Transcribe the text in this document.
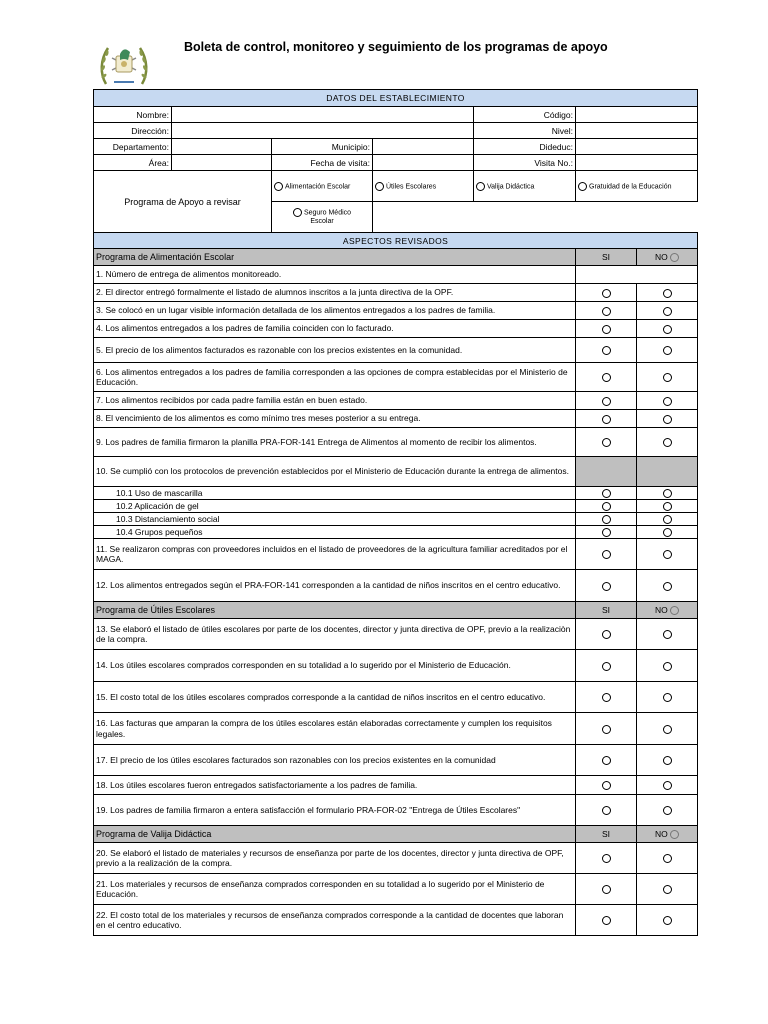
Boleta de control, monitoreo y seguimiento de los programas de apoyo
DATOS DEL ESTABLECIMIENTO						
Nombre:				Código:		
Dirección:				Nivel:		
Departamento:		Municipio:		Dideduc:		
Área:		Fecha de visita:		Visita No.:		
Programa de Apoyo a revisar		Alimentación Escolar	Útiles Escolares	Valija Didáctica	Gratuidad de la Educación	
		Seguro Médico
Escolar				
ASPECTOS REVISADOS						
Programa de Alimentación Escolar					SI	NO
1. Número de entrega de alimentos monitoreado.						
2. El director entregó formalmente el listado de alumnos inscritos a la junta directiva de la OPF.						
3. Se colocó en un lugar visible información detallada de los alimentos entregados a los padres de familia.						
4. Los alimentos entregados a los padres de familia coinciden con lo facturado.						
5. El precio de los alimentos facturados es razonable con los precios existentes en la comunidad.						
6. Los alimentos entregados a los padres de familia corresponden a las opciones de compra establecidas por el Ministerio de Educación.						
7. Los alimentos recibidos por cada padre familia están en buen estado.						
8. El vencimiento de los alimentos es como mínimo tres meses posterior a su entrega.						
9. Los padres de familia firmaron la planilla PRA-FOR-141 Entrega de Alimentos al momento de recibir los alimentos.						
10. Se cumplió con los protocolos de prevención establecidos por el Ministerio de Educación durante la entrega de alimentos.						
10.1 Uso de mascarilla						
10.2 Aplicación de gel						
10.3 Distanciamiento social						
10.4 Grupos pequeños						
11. Se realizaron compras con proveedores incluidos en el listado de proveedores de la agricultura familiar acreditados por el MAGA.						
12. Los alimentos entregados según el PRA-FOR-141 corresponden a la cantidad de niños inscritos en el centro educativo.						
Programa de Útiles Escolares					SI	NO
13. Se elaboró el listado de útiles escolares por parte de los docentes, director y junta directiva de OPF, previo a la realizaciòn de la compra.						
14. Los útiles escolares comprados corresponden en su totalidad a lo sugerido por el Ministerio de Educación.						
15. El costo total de los útiles escolares comprados corresponde a la cantidad de niños inscritos en el centro educativo.						
16. Las facturas que amparan la compra de los útiles escolares están elaboradas correctamente y cumplen los requisitos legales.						
17. El precio de los útiles escolares facturados son razonables con los precios existentes en la comunidad						
18. Los útiles escolares fueron entregados satisfactoriamente a los padres de familia.						
19. Los padres de familia firmaron a entera satisfacción el formulario PRA-FOR-02 "Entrega de Útiles Escolares"						
Programa de Valija Didáctica					SI	NO
20. Se elaboró el listado de materiales y recursos de enseñanza por parte de los docentes, director y junta directiva de OPF, previo a la realización de la compra.						
21. Los materiales y recursos de enseñanza comprados corresponden en su totalidad a lo sugerido por el Ministerio de Educación.						
22. El costo total de los materiales y recursos de enseñanza comprados corresponde a la cantidad de docentes que laboran en el centro educativo.						
